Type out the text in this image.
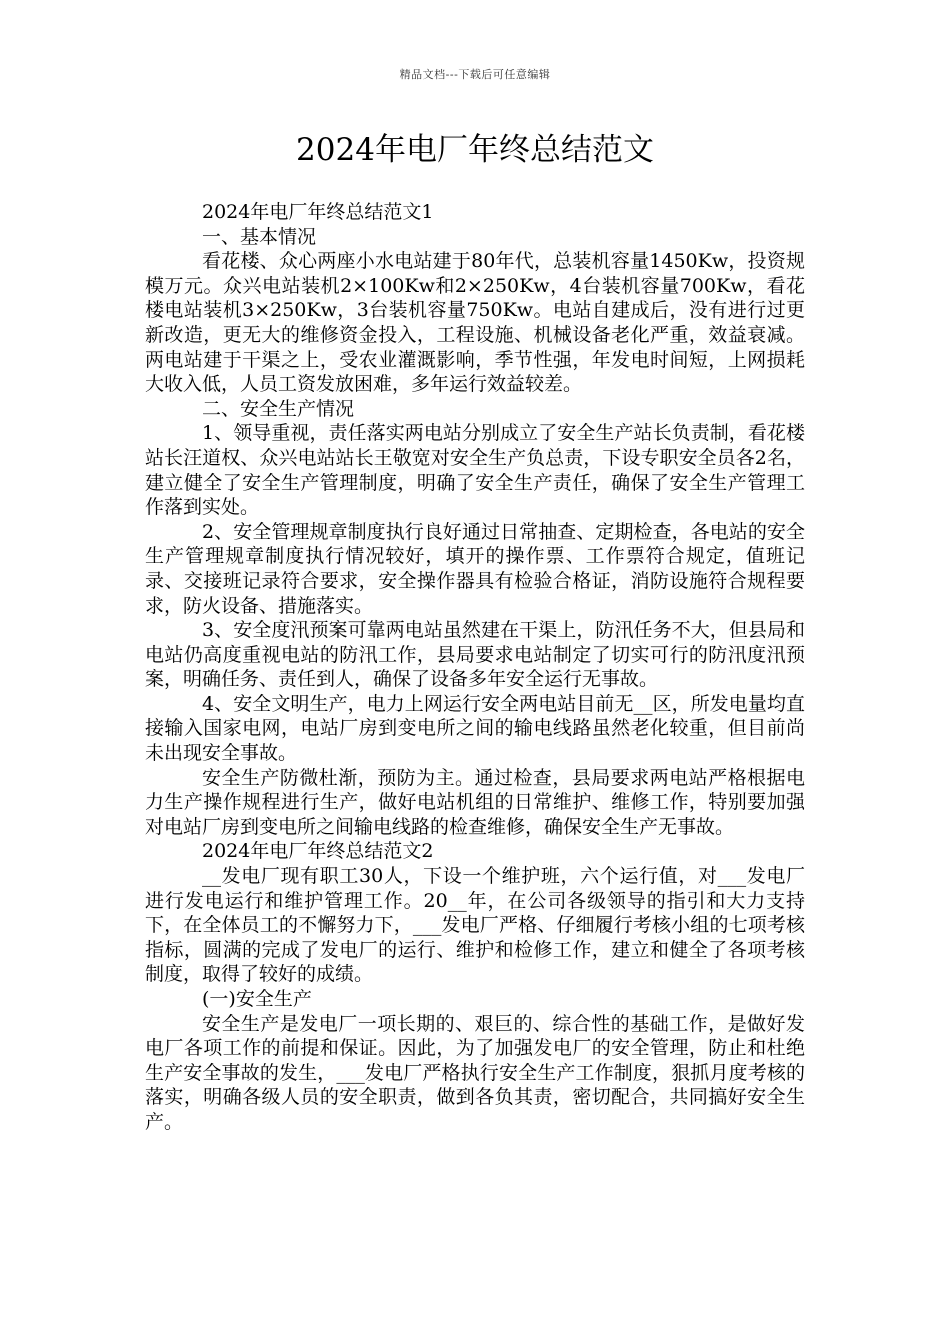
精品文档---下载后可任意编辑
2024年电厂年终总结范文

2024年电厂年终总结范文1

一、基本情况

看花楼、众心两座小水电站建于80年代，总装机容量1450Kw，投资规模万元。众兴电站装机2×100Kw和2×250Kw，4台装机容量700Kw，看花楼电站装机3×250Kw，3台装机容量750Kw。电站自建成后，没有进行过更新改造，更无大的维修资金投入，工程设施、机械设备老化严重，效益衰减。两电站建于干渠之上，受农业灌溉影响，季节性强，年发电时间短，上网损耗大收入低，人员工资发放困难，多年运行效益较差。

二、安全生产情况

1、领导重视，责任落实两电站分别成立了安全生产站长负责制，看花楼站长汪道权、众兴电站站长王敬宽对安全生产负总责，下设专职安全员各2名，建立健全了安全生产管理制度，明确了安全生产责任，确保了安全生产管理工作落到实处。

2、安全管理规章制度执行良好通过日常抽查、定期检查，各电站的安全生产管理规章制度执行情况较好，填开的操作票、工作票符合规定，值班记录、交接班记录符合要求，安全操作器具有检验合格证，消防设施符合规程要求，防火设备、措施落实。

3、安全度汛预案可靠两电站虽然建在干渠上，防汛任务不大，但县局和电站仍高度重视电站的防汛工作，县局要求电站制定了切实可行的防汛度汛预案，明确任务、责任到人，确保了设备多年安全运行无事故。

4、安全文明生产，电力上网运行安全两电站目前无__区，所发电量均直接输入国家电网，电站厂房到变电所之间的输电线路虽然老化较重，但目前尚未出现安全事故。

安全生产防微杜渐，预防为主。通过检查，县局要求两电站严格根据电力生产操作规程进行生产，做好电站机组的日常维护、维修工作，特别要加强对电站厂房到变电所之间输电线路的检查维修，确保安全生产无事故。

2024年电厂年终总结范文2

__发电厂现有职工30人，下设一个维护班，六个运行值，对___发电厂进行发电运行和维护管理工作。20__年，在公司各级领导的指引和大力支持下，在全体员工的不懈努力下，___发电厂严格、仔细履行考核小组的七项考核指标，圆满的完成了发电厂的运行、维护和检修工作，建立和健全了各项考核制度，取得了较好的成绩。

(一)安全生产

安全生产是发电厂一项长期的、艰巨的、综合性的基础工作，是做好发电厂各项工作的前提和保证。因此，为了加强发电厂的安全管理，防止和杜绝生产安全事故的发生，___发电厂严格执行安全生产工作制度，狠抓月度考核的落实，明确各级人员的安全职责，做到各负其责，密切配合，共同搞好安全生产。
